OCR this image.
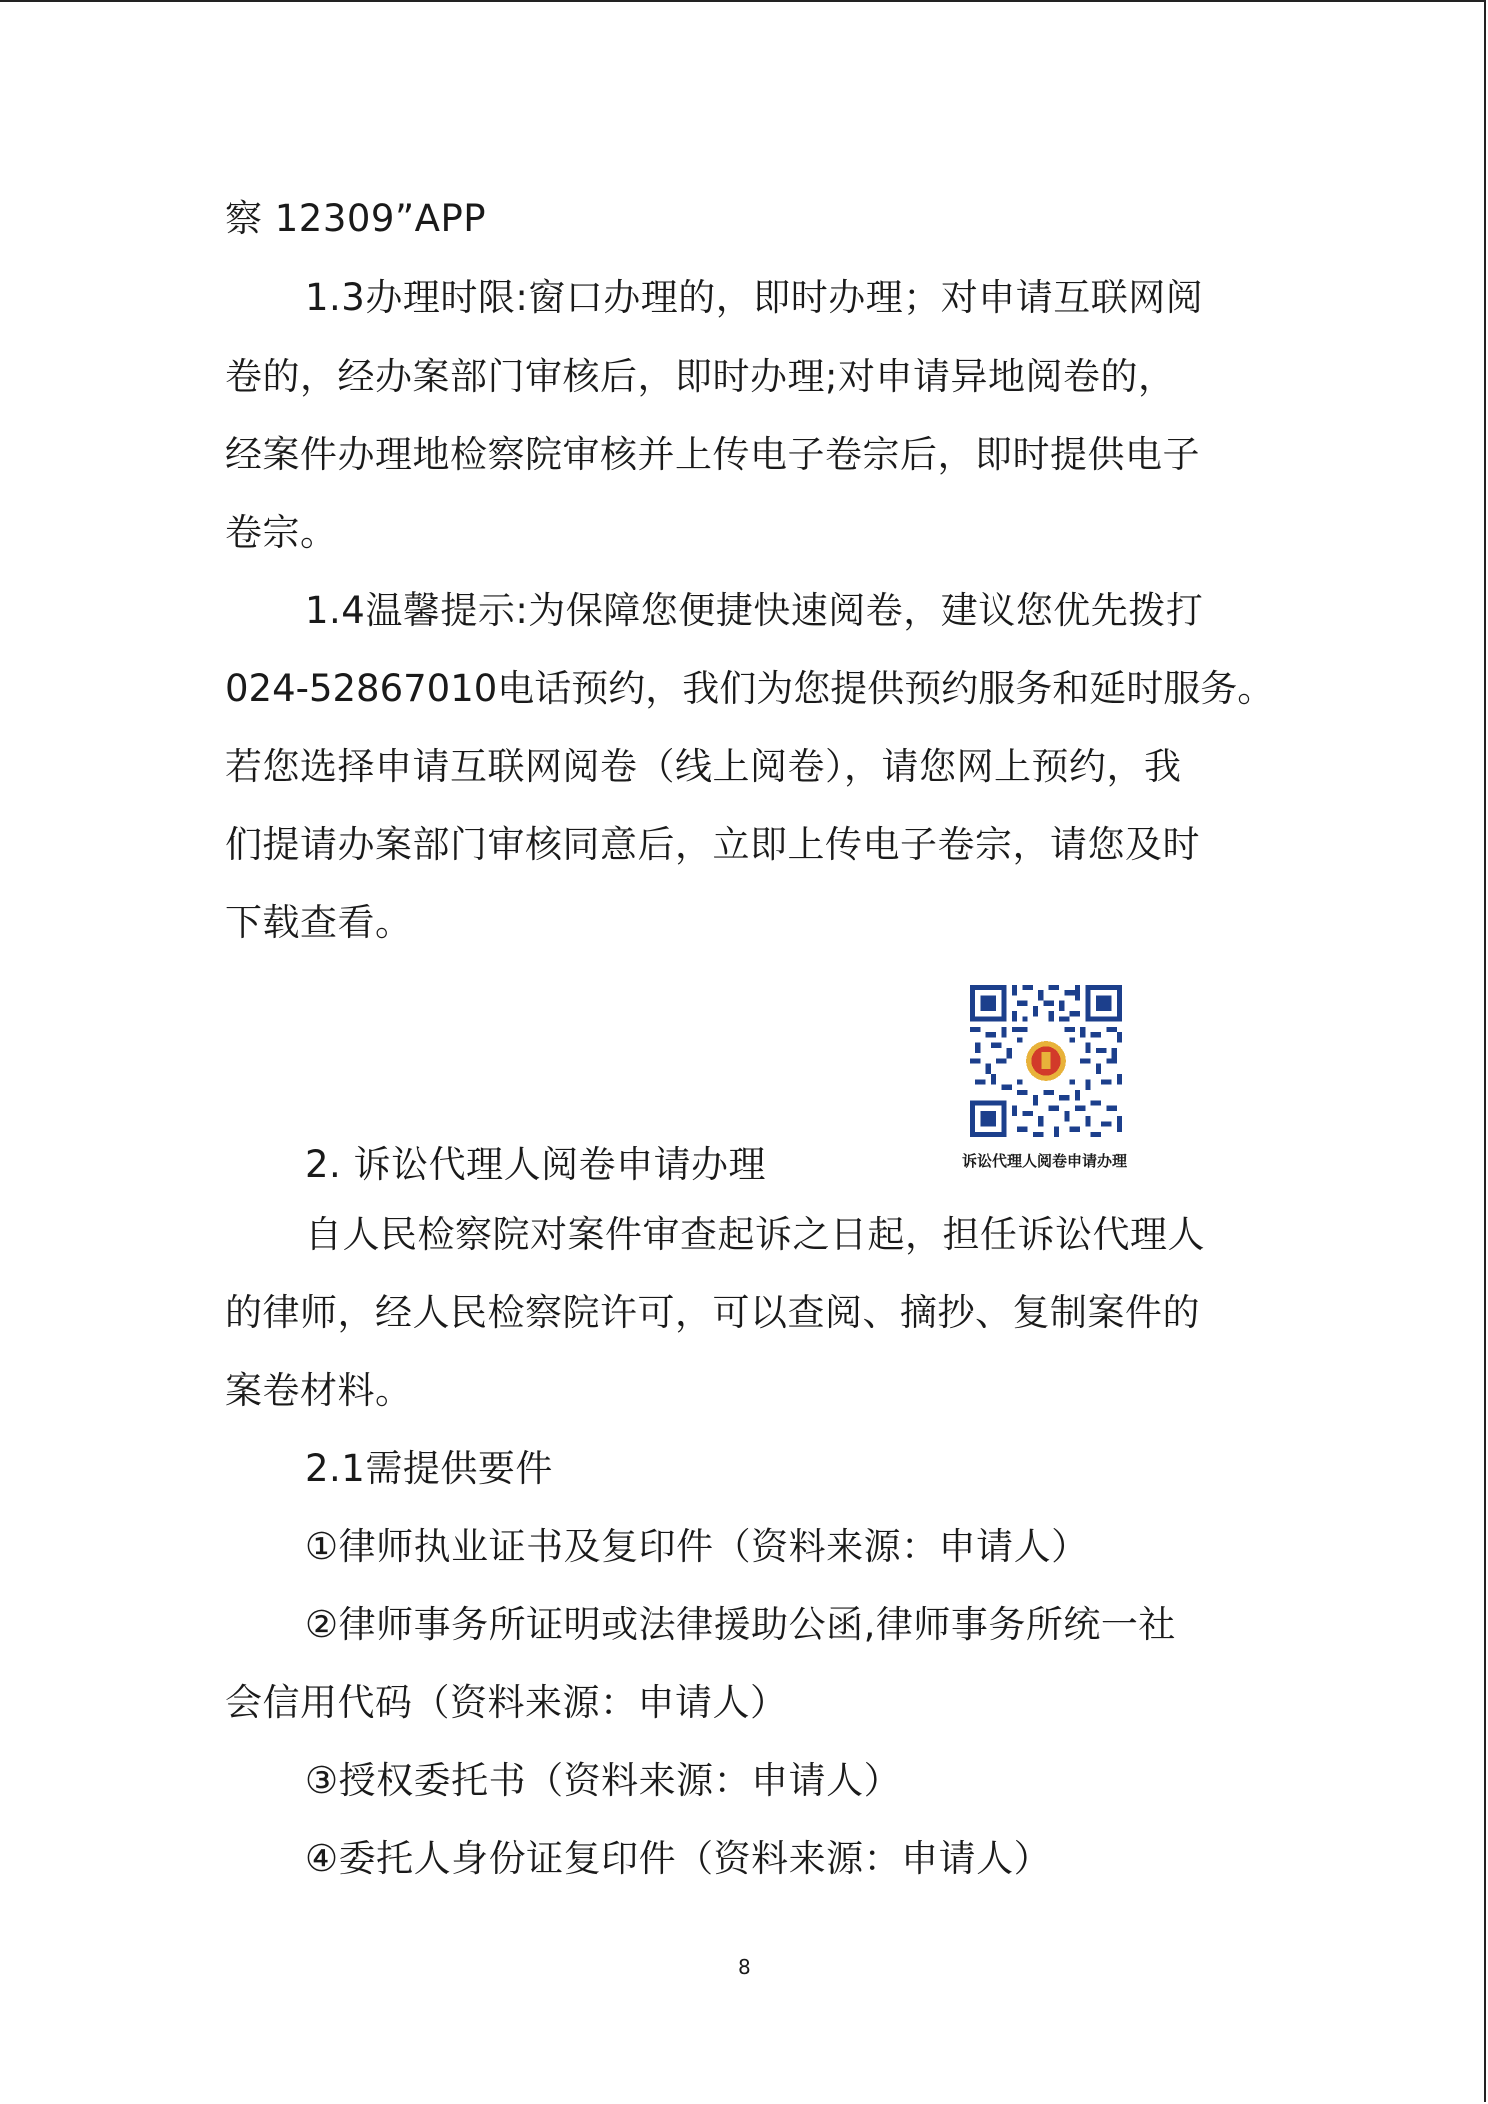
察 12309”APP
1.3办理时限:窗口办理的，即时办理；对申请互联网阅
卷的，经办案部门审核后，即时办理;对申请异地阅卷的，
经案件办理地检察院审核并上传电子卷宗后，即时提供电子
卷宗。
1.4温馨提示:为保障您便捷快速阅卷，建议您优先拨打
024-52867010电话预约，我们为您提供预约服务和延时服务。
若您选择申请互联网阅卷（线上阅卷），请您网上预约，我
们提请办案部门审核同意后，立即上传电子卷宗，请您及时
下载查看。
诉讼代理人阅卷申请办理
2. 诉讼代理人阅卷申请办理
自人民检察院对案件审查起诉之日起，担任诉讼代理人
的律师，经人民检察院许可，可以查阅、摘抄、复制案件的
案卷材料。
2.1需提供要件
①律师执业证书及复印件（资料来源：申请人）
②律师事务所证明或法律援助公函,律师事务所统一社
会信用代码（资料来源：申请人）
③授权委托书（资料来源：申请人）
④委托人身份证复印件（资料来源：申请人）
8
